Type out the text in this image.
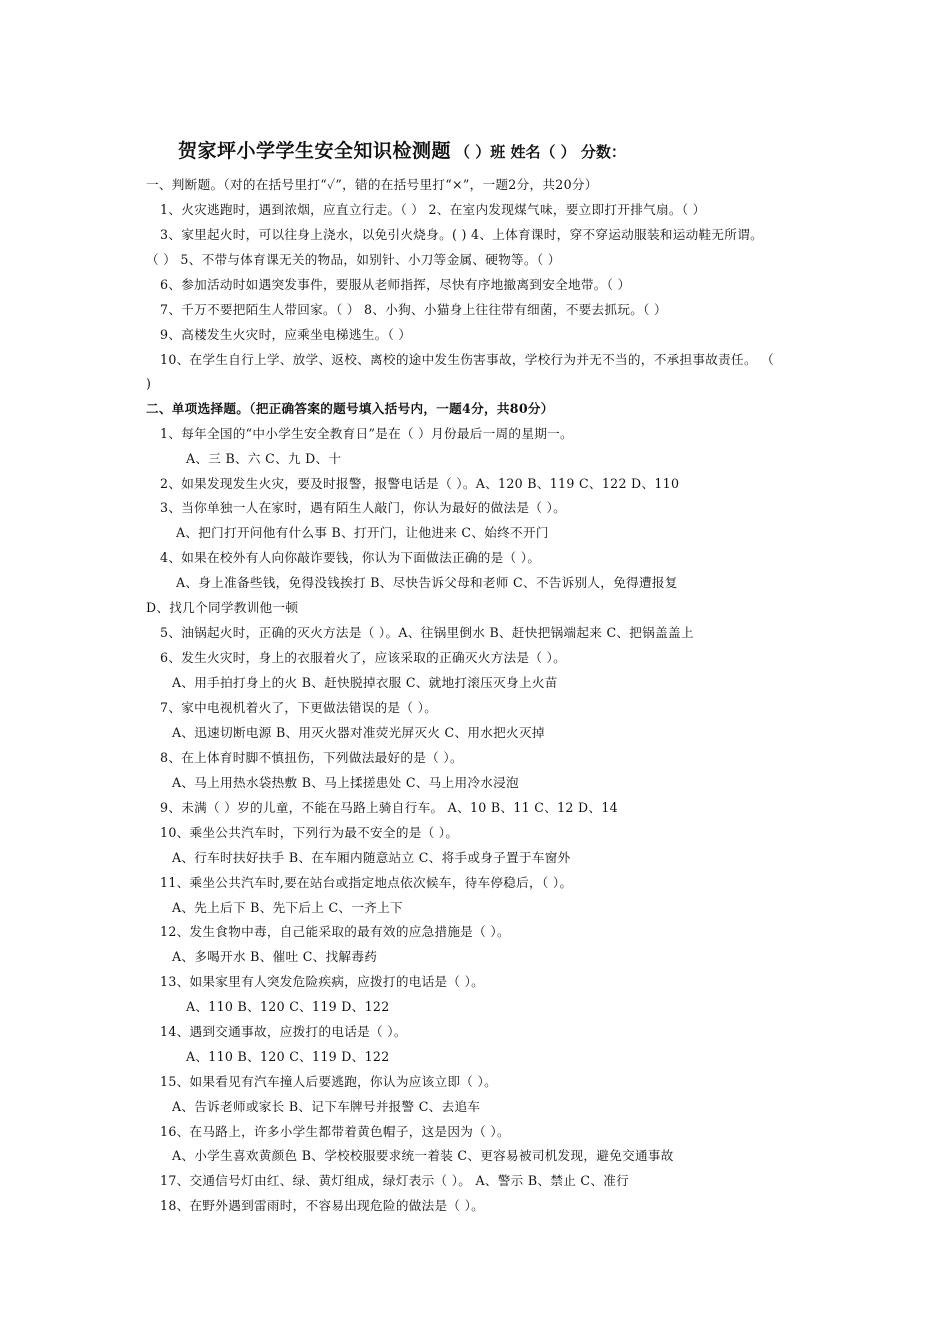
贺家坪小学学生安全知识检测题 （ ）班 姓名（ ） 分数：
一、判断题。（对的在括号里打“✓”，错的在括号里打“×”，一题2分，共20分）
1、火灾逃跑时，遇到浓烟，应直立行走。（ ） 2、在室内发现煤气味，要立即打开排气扇。（ ）
3、家里起火时，可以往身上浇水，以免引火烧身。( ) 4、上体育课时，穿不穿运动服装和运动鞋无所谓。
（ ） 5、不带与体育课无关的物品，如别针、小刀等金属、硬物等。（ ）
6、参加活动时如遇突发事件，要服从老师指挥，尽快有序地撤离到安全地带。（ ）
7、千万不要把陌生人带回家。（ ） 8、小狗、小猫身上往往带有细菌，不要去抓玩。（ ）
9、高楼发生火灾时，应乘坐电梯逃生。（ ）
10、在学生自行上学、放学、返校、离校的途中发生伤害事故，学校行为并无不当的，不承担事故责任。 （
)
二、单项选择题。（把正确答案的题号填入括号内，一题4分，共80分）
1、每年全国的“中小学生安全教育日”是在（ ）月份最后一周的星期一。
A、三 B、六 C、九 D、十
2、如果发现发生火灾，要及时报警，报警电话是（ ）。A、120 B、119 C、122 D、110
3、当你单独一人在家时，遇有陌生人敲门，你认为最好的做法是（ ）。
A、把门打开问他有什么事 B、打开门，让他进来 C、始终不开门
4、如果在校外有人向你敲诈要钱，你认为下面做法正确的是（ ）。
A、身上准备些钱，免得没钱挨打 B、尽快告诉父母和老师 C、不告诉别人，免得遭报复
D、找几个同学教训他一顿
5、油锅起火时，正确的灭火方法是（ ）。A、往锅里倒水 B、赶快把锅端起来 C、把锅盖盖上
6、发生火灾时，身上的衣服着火了，应该采取的正确灭火方法是（ ）。
A、用手拍打身上的火 B、赶快脱掉衣服 C、就地打滚压灭身上火苗
7、家中电视机着火了，下更做法错误的是（ ）。
A、迅速切断电源 B、用灭火器对准荧光屏灭火 C、用水把火灭掉
8、在上体育时脚不慎扭伤，下列做法最好的是（ ）。
A、马上用热水袋热敷 B、马上揉搓患处 C、马上用冷水浸泡
9、未满（ ）岁的儿童，不能在马路上骑自行车。 A、10 B、11 C、12 D、14
10、乘坐公共汽车时，下列行为最不安全的是（ ）。
A、行车时扶好扶手 B、在车厢内随意站立 C、将手或身子置于车窗外
11、乘坐公共汽车时,要在站台或指定地点依次候车，待车停稳后，（ ）。
A、先上后下 B、先下后上 C、一齐上下
12、发生食物中毒，自己能采取的最有效的应急措施是（ ）。
A、多喝开水 B、催吐 C、找解毒药
13、如果家里有人突发危险疾病，应拨打的电话是（ ）。
A、110 B、120 C、119 D、122
14、遇到交通事故，应拨打的电话是（ ）。
A、110 B、120 C、119 D、122
15、如果看见有汽车撞人后要逃跑，你认为应该立即（ ）。
A、告诉老师或家长 B、记下车牌号并报警 C、去追车
16、在马路上，许多小学生都带着黄色帽子，这是因为（ ）。
A、小学生喜欢黄颜色 B、学校校服要求统一着装 C、更容易被司机发现，避免交通事故
17、交通信号灯由红、绿、黄灯组成，绿灯表示（ ）。 A、警示 B、禁止 C、准行
18、在野外遇到雷雨时，不容易出现危险的做法是（ ）。
